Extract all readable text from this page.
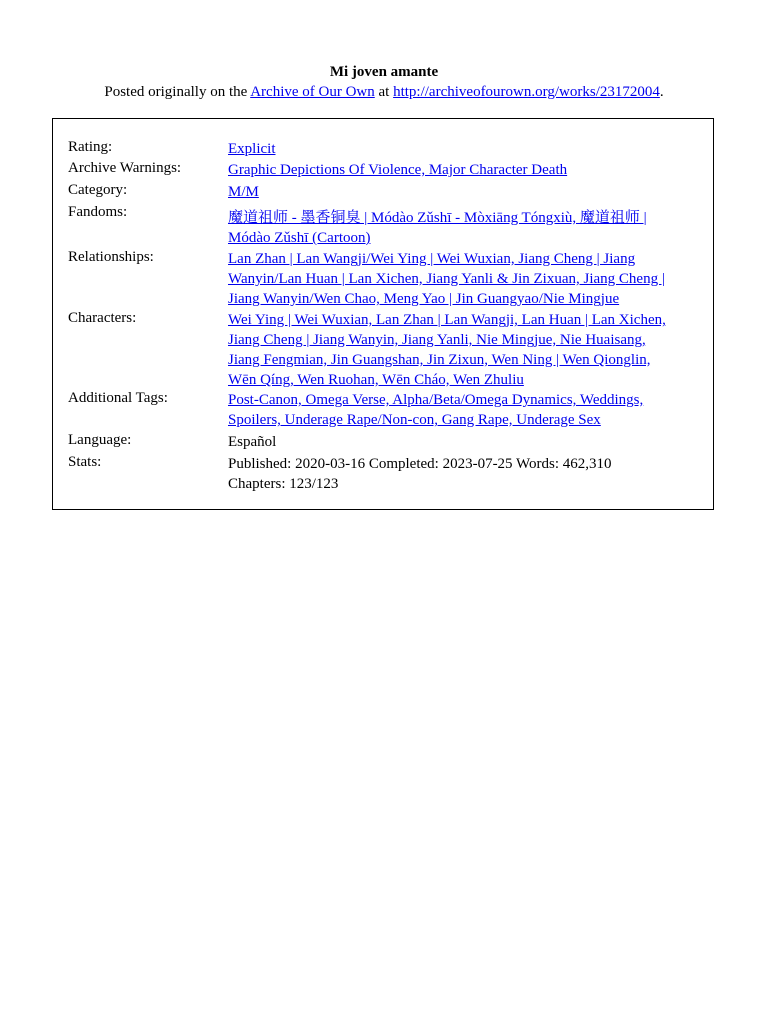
Mi joven amante
Posted originally on the Archive of Our Own at http://archiveofourown.org/works/23172004.
Rating:	Explicit
Archive Warnings:	Graphic Depictions Of Violence, Major Character Death
Category:	M/M
Fandoms:	魔道祖师 - 墨香铜臭 | Módào Zǔshī - Mòxiāng Tóngxiù, 魔道祖师 |
Módào Zǔshī (Cartoon)
Relationships:	Lan Zhan | Lan Wangji/Wei Ying | Wei Wuxian, Jiang Cheng | Jiang
Wanyin/Lan Huan | Lan Xichen, Jiang Yanli & Jin Zixuan, Jiang Cheng |
Jiang Wanyin/Wen Chao, Meng Yao | Jin Guangyao/Nie Mingjue
Characters:	Wei Ying | Wei Wuxian, Lan Zhan | Lan Wangji, Lan Huan | Lan Xichen,
Jiang Cheng | Jiang Wanyin, Jiang Yanli, Nie Mingjue, Nie Huaisang,
Jiang Fengmian, Jin Guangshan, Jin Zixun, Wen Ning | Wen Qionglin,
Wēn Qíng, Wen Ruohan, Wēn Cháo, Wen Zhuliu
Additional Tags:	Post-Canon, Omega Verse, Alpha/Beta/Omega Dynamics, Weddings,
Spoilers, Underage Rape/Non-con, Gang Rape, Underage Sex
Language:	Español
Stats:	Published: 2020-03-16 Completed: 2023-07-25 Words: 462,310
Chapters: 123/123
